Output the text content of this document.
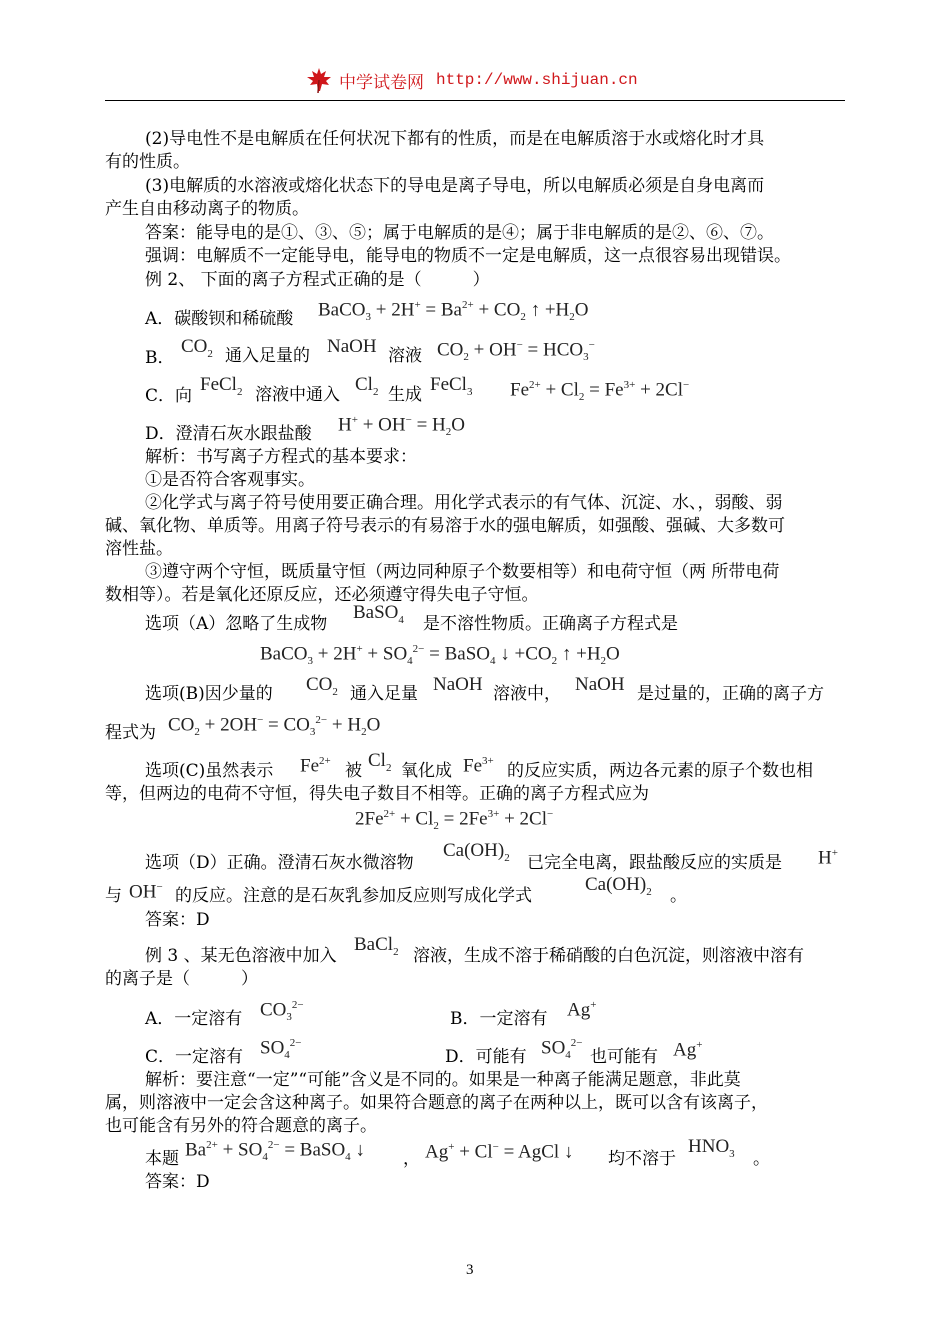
中学试卷网 http://www.shijuan.cn
(2)导电性不是电解质在任何状况下都有的性质，而是在电解质溶于水或熔化时才具
有的性质。
(3)电解质的水溶液或熔化状态下的导电是离子导电，所以电解质必须是自身电离而
产生自由移动离子的物质。
答案：能导电的是①、③、⑤；属于电解质的是④；属于非电解质的是②、⑥、⑦。
强调：电解质不一定能导电，能导电的物质不一定是电解质，这一点很容易出现错误。
例 2、 下面的离子方程式正确的是（　　　）
A．碳酸钡和稀硫酸 BaCO$_3$ + $2H^+ = Ba^{2+} + CO_2$ ↑ $+H_2O$
B．
$CO_2$ 通入足量的 NaOH 溶液 $CO_2 + OH^- = HCO_3^-$
C．向
FeCl$_2$ 溶液中通入 $Cl_2$ 生成 FeCl$_3$ $Fe^{2+} + Cl_2 = Fe^{3+} + 2Cl^-$
D．澄清石灰水跟盐酸 $H^+ + OH^- = H_2O$
解析：书写离子方程式的基本要求：
①是否符合客观事实。
②化学式与离子符号使用要正确合理。用化学式表示的有气体、沉淀、水、，弱酸、弱
碱、氧化物、单质等。用离子符号表示的有易溶于水的强电解质，如强酸、强碱、大多数可
溶性盐。
③遵守两个守恒，既质量守恒（两边同种原子个数要相等）和电荷守恒（两 所带电荷
数相等）。若是氧化还原反应，还必须遵守得失电子守恒。
选项（A）忽略了生成物
BaSO$_4$ 是不溶性物质。正确离子方程式是
BaCO$_3$ + $2H^+ + SO_4^{2-}$ = BaSO$_4$ ↓ $+CO_2$ ↑ $+H_2O$
选项(B)因少量的 $CO_2$ 通入足量 NaOH 溶液中， NaOH 是过量的，正确的离子方
程式为 $CO_2 + 2OH^- = CO_3^{2-} + H_2O$
选项(C)虽然表示 $Fe^{2+}$ 被 $Cl_2$ 氧化成 $Fe^{3+}$ 的反应实质，两边各元素的原子个数也相
等，但两边的电荷不守恒，得失电子数目不相等。正确的离子方程式应为
$2Fe^{2+} + Cl_2 = 2Fe^{3+} + 2Cl^-$
选项（D）正确。澄清石灰水微溶物
$Ca(OH)_2$ 已完全电离，跟盐酸反应的实质是 H+
与 OH− 的反应。注意的是石灰乳参加反应则写成化学式
$Ca(OH)_2$ 。
答案：D
例 3 、某无色溶液中加入
BaCl$_2$ 溶液，生成不溶于稀硝酸的白色沉淀，则溶液中溶有
的离子是（　　　）
A．一定溶有 $CO_3^{2-}$
B．一定溶有 Ag+
C．一定溶有 $SO_4^{2-}$
D．可能有 $SO_4^{2-}$
也可能有 Ag+
解析：要注意“一定”“可能”含义是不同的。如果是一种离子能满足题意，非此莫
属，则溶液中一定会含这种离子。如果符合题意的离子在两种以上，既可以含有该离子，
也可能含有另外的符合题意的离子。
本题 $Ba^{2+} + SO_4^{2-}$ = BaSO$_4$ ↓ ， Ag+ + Cl− = AgCl ↓ 均不溶于
$HNO_3$ 。
答案：D
3
